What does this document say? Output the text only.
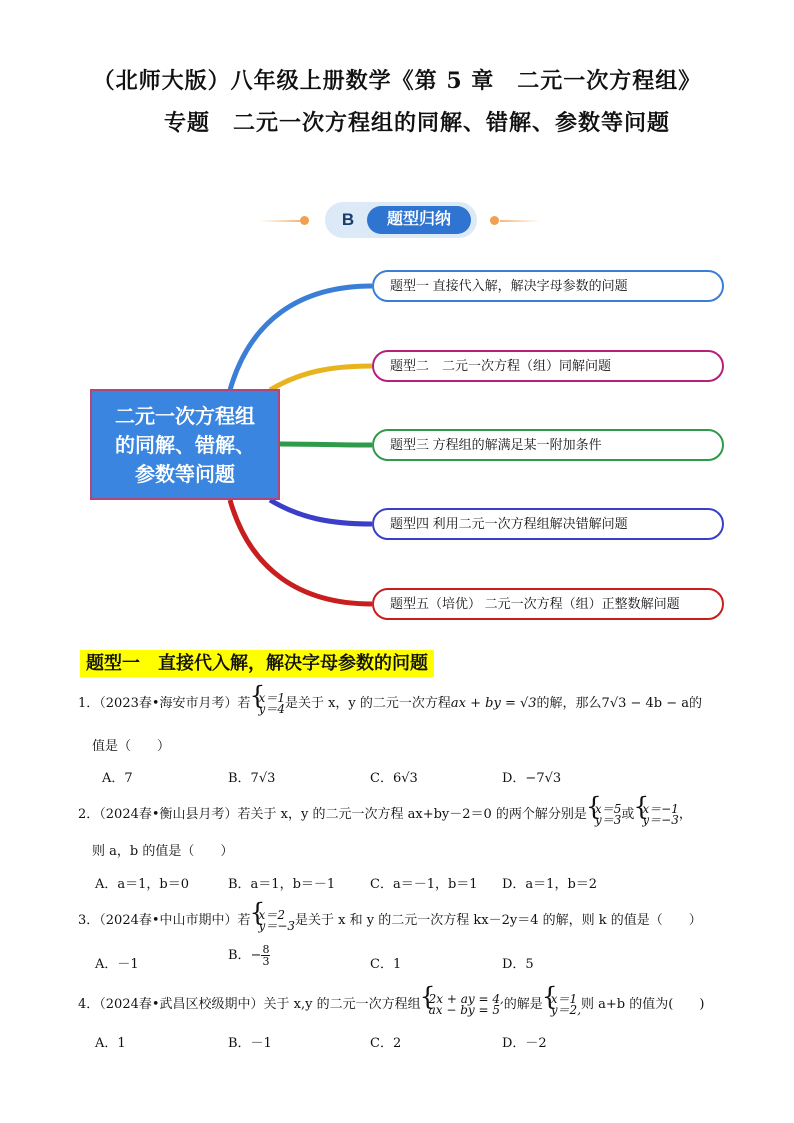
（北师大版）八年级上册数学《第 5 章　二元一次方程组》
专题　二元一次方程组的同解、错解、参数等问题
B	题型归纳
二元一次方程组
的同解、错解、
参数等问题
题型一 直接代入解，解决字母参数的问题
题型二　二元一次方程（组）同解问题
题型三 方程组的解满足某一附加条件
题型四 利用二元一次方程组解决错解问题
题型五（培优） 二元一次方程（组）正整数解问题
题型一　直接代入解，解决字母参数的问题
1．（2023春•海安市月考）若 { x＝1
y＝4 是关于 x，y 的二元一次方程ax + by = √3的解，那么7√3 − 4b − a的
值是（　　）
A．7	B．7√3	C．6√3	D．−7√3
2．（2024春•衡山县月考）若关于 x，y 的二元一次方程 ax+by－2＝0 的两个解分别是 { x＝5
y＝3 或 { x＝−1
y＝−3 ，
则 a，b 的值是（　　）
A．a＝1，b＝0	B．a＝1，b＝－1	C．a＝－1，b＝1 D．a＝1，b＝2
3．（2024春•中山市期中）若 { x＝2
y＝−3 是关于 x 和 y 的二元一次方程 kx－2y＝4 的解，则 k 的值是（　　）
A．－1
B．− $\frac{8}{3}$	C．1	D．5
4．（2024春•武昌区校级期中）关于 x,y 的二元一次方程组 { 2x + ay = 4,
ax − by = 5 的解是 { x＝1
y＝2, 则 a+b 的值为(　　)
A．1	B．－1	C．2	D．－2
